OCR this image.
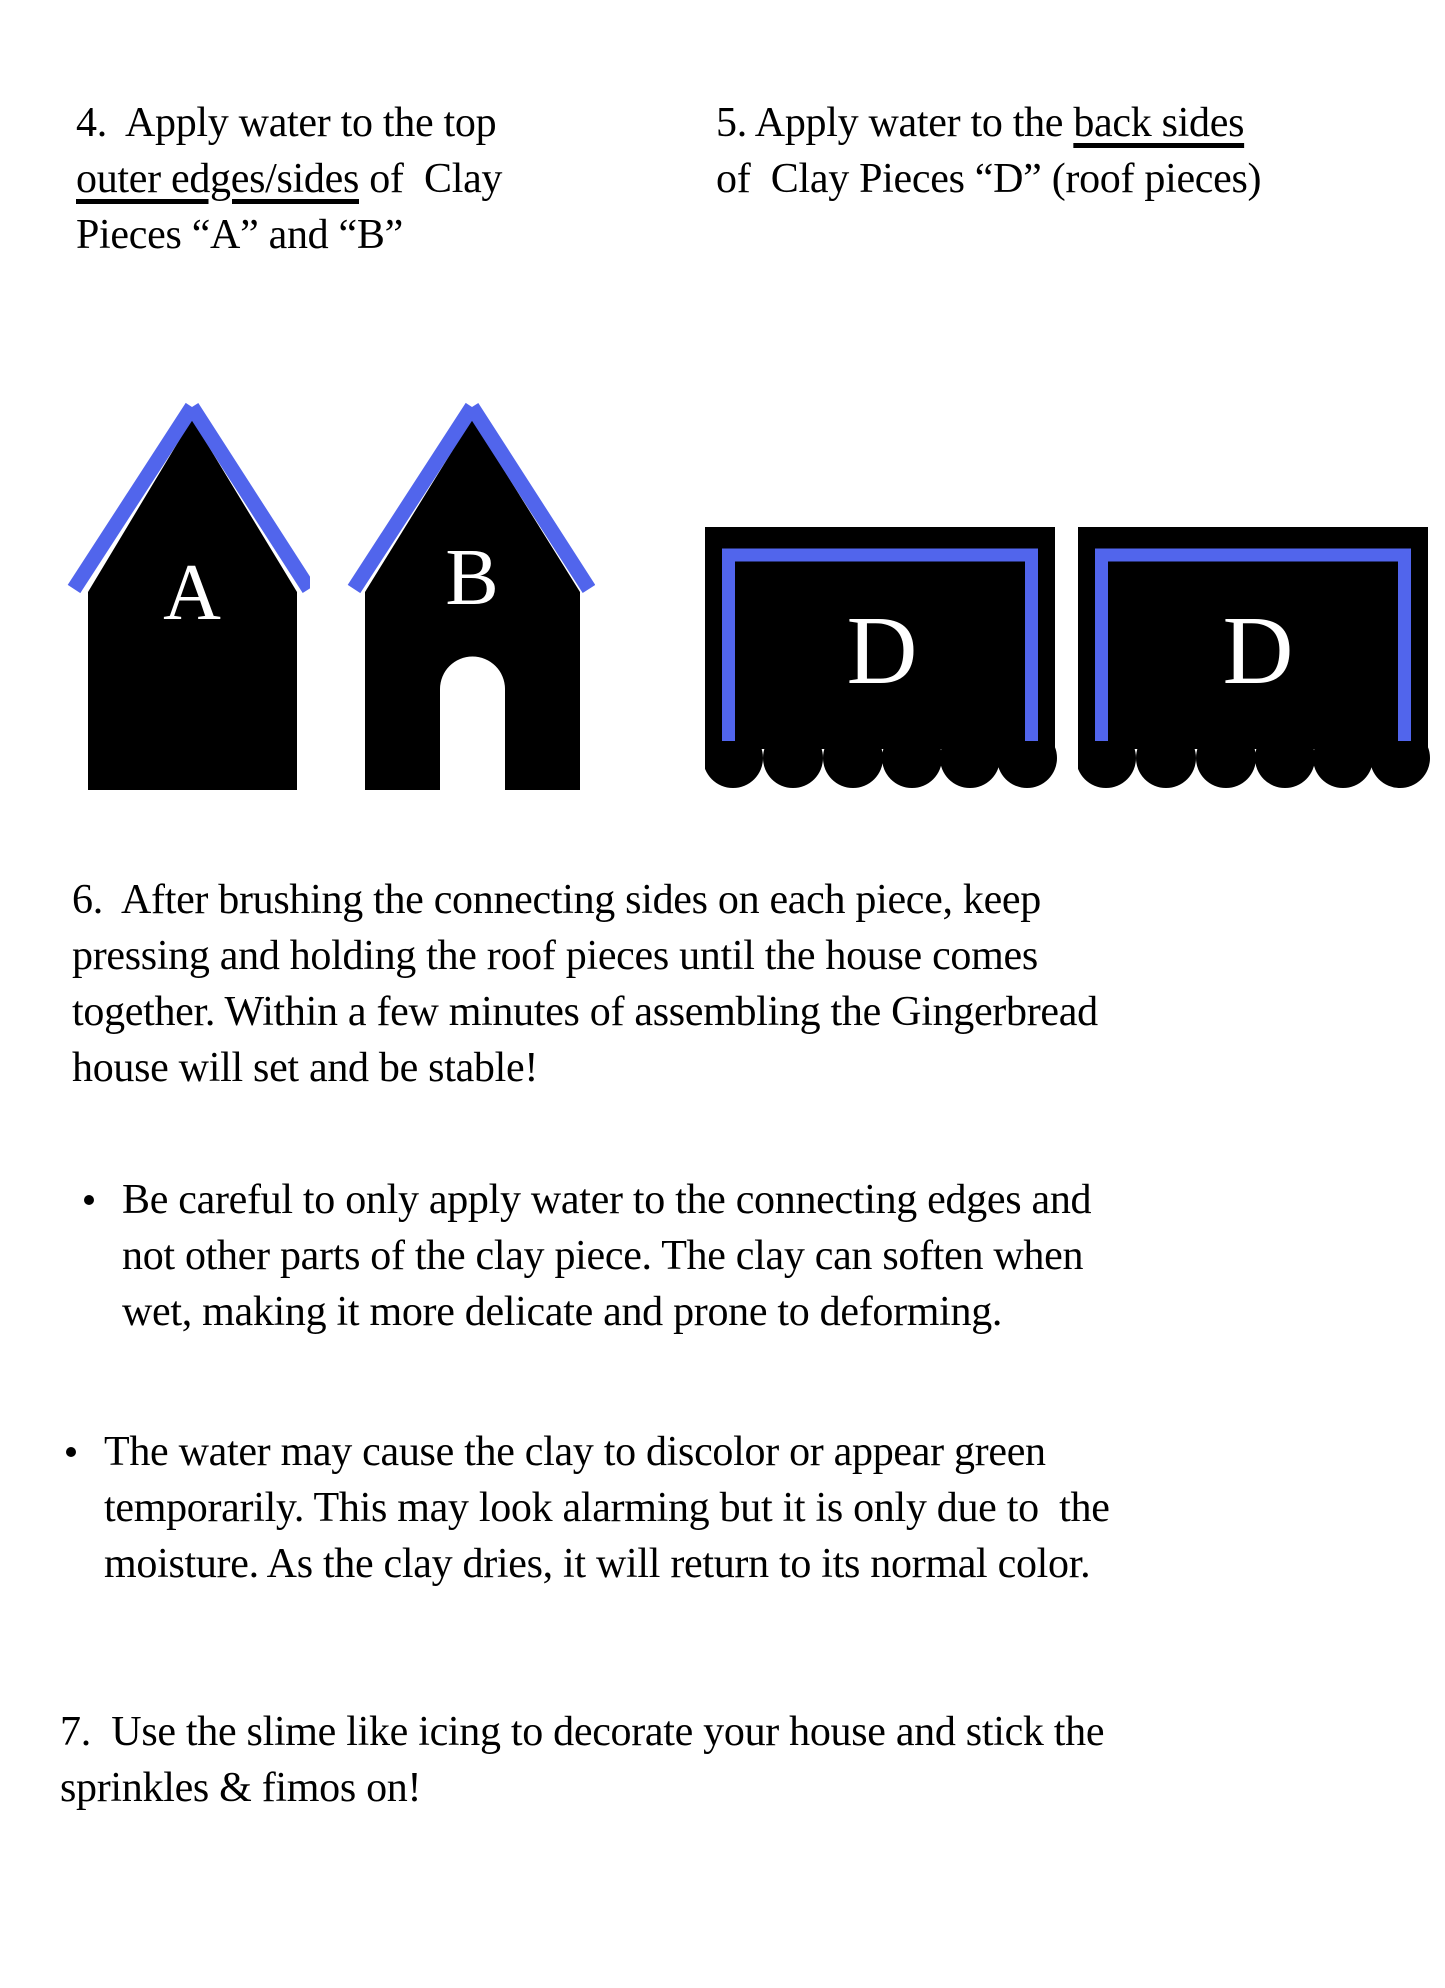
4.  Apply water to the top
outer edges/sides of  Clay
Pieces “A” and “B”
5. Apply water to the back sides
of  Clay Pieces “D” (roof pieces)
A	B
D	D
6.  After brushing the connecting sides on each piece, keep
pressing and holding the roof pieces until the house comes
together. Within a few minutes of assembling the Gingerbread
house will set and be stable!
Be careful to only apply water to the connecting edges and
not other parts of the clay piece. The clay can soften when
wet, making it more delicate and prone to deforming.
The water may cause the clay to discolor or appear green
temporarily. This may look alarming but it is only due to  the
moisture. As the clay dries, it will return to its normal color.
7.  Use the slime like icing to decorate your house and stick the
sprinkles & fimos on!
